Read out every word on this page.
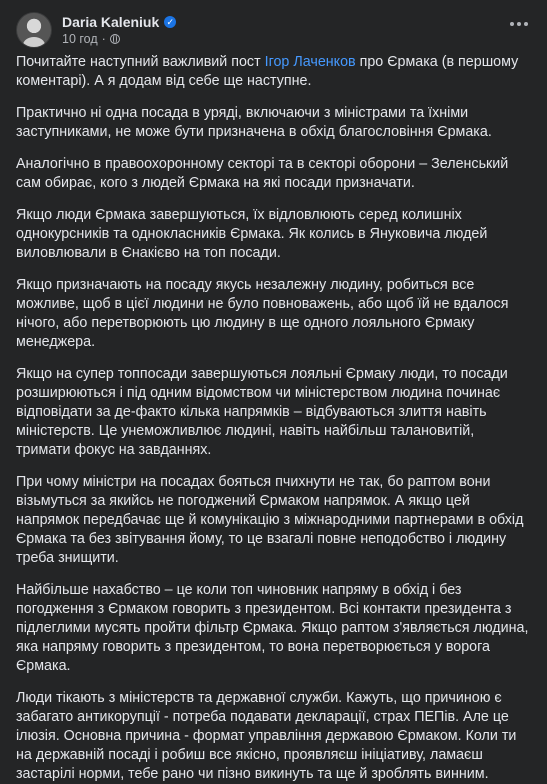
Daria Kaleniuk ✓
10 год ·

Почитайте наступний важливий пост Ігор Лаченков про Єрмака (в першому коментарі). А я додам від себе ще наступне.

Практично ні одна посада в уряді, включаючи з міністрами та їхніми заступниками, не може бути призначена в обхід благословіння Єрмака.

Аналогічно в правоохоронному секторі та в секторі оборони – Зеленський сам обирає, кого з людей Єрмака на які посади призначати.

Якщо люди Єрмака завершуються, їх відловлюють серед колишніх однокурсників та однокласників Єрмака. Як колись в Януковича людей виловлювали в Єнакієво на топ посади.

Якщо призначають на посаду якусь незалежну людину, робиться все можливе, щоб в цієї людини не було повноважень, або щоб їй не вдалося нічого, або перетворюють цю людину в ще одного лояльного Єрмаку менеджера.

Якщо на супер топпосади завершуються лояльні Єрмаку люди, то посади розширюються і під одним відомством чи міністерством людина починає відповідати за де-факто кілька напрямків – відбуваються злиття навіть міністерств. Це унеможливлює людині, навіть найбільш талановитій, тримати фокус на завданнях.

При чому міністри на посадах бояться пчихнути не так, бо раптом вони візьмуться за якийсь не погоджений Єрмаком напрямок. А якщо цей напрямок передбачає ще й комунікацію з міжнародними партнерами в обхід Єрмака та без звітування йому, то це взагалі повне неподобство і людину треба знищити.

Найбільше нахабство – це коли топ чиновник напряму в обхід і без погодження з Єрмаком говорить з президентом. Всі контакти президента з підлеглими мусять пройти фільтр Єрмака. Якщо раптом з'являється людина, яка напряму говорить з президентом, то вона перетворюється у ворога Єрмака.

Люди тікають з міністерств та державної служби. Кажуть, що причиною є забагато антикорупції - потреба подавати декларації, страх ПЕПів. Але це ілюзія. Основна причина - формат управління державою Єрмаком. Коли ти на державній посаді і робиш все якісно, проявляєш ініціативу, ламаєш застарілі норми, тебе рано чи пізно викинуть та ще й зроблять винним.
